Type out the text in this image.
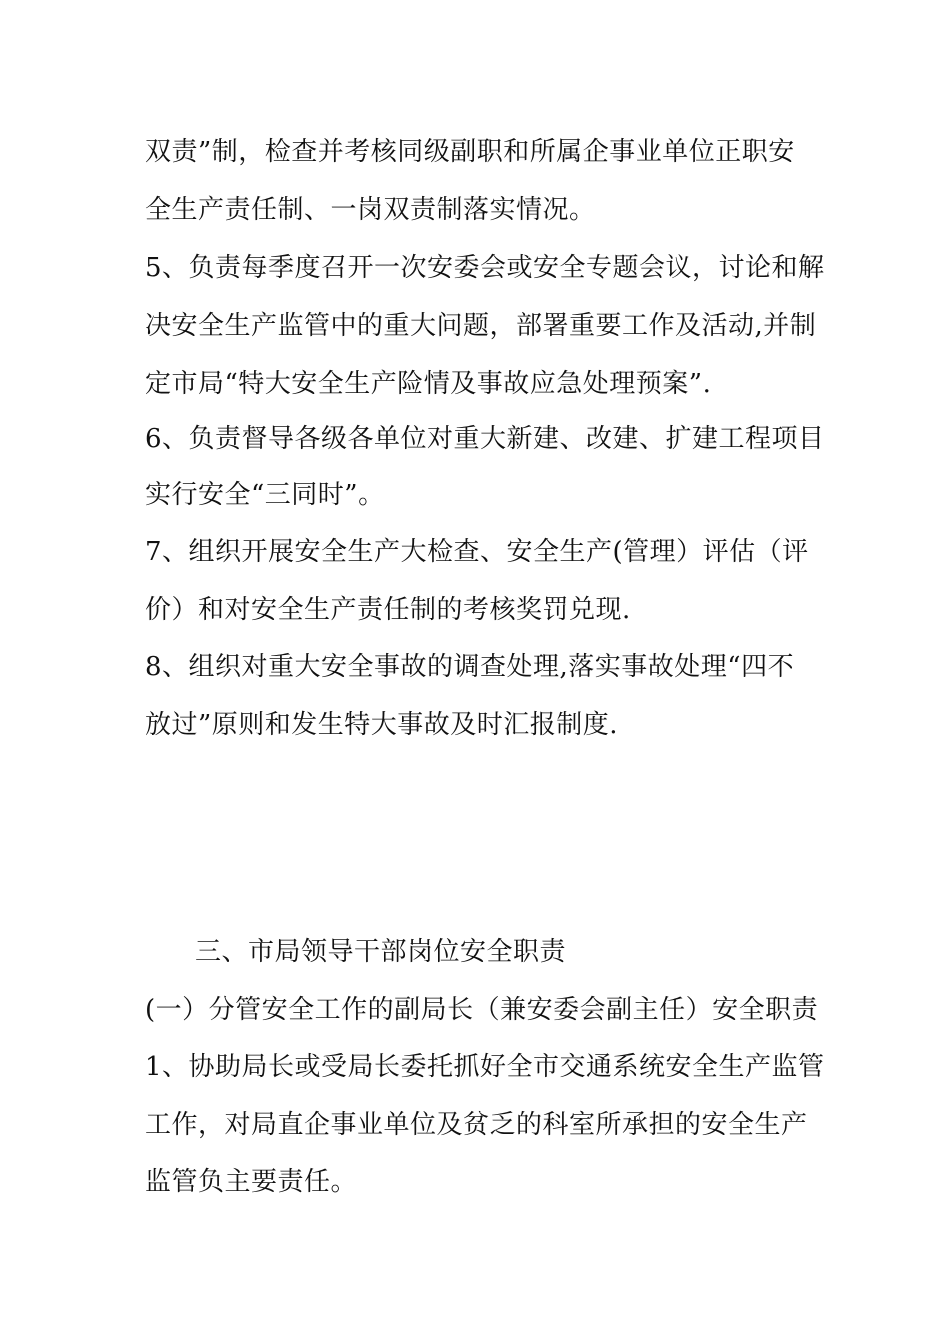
双责”制，检查并考核同级副职和所属企事业单位正职安
全生产责任制、一岗双责制落实情况。
5、负责每季度召开一次安委会或安全专题会议，讨论和解
决安全生产监管中的重大问题，部署重要工作及活动,并制
定市局“特大安全生产险情及事故应急处理预案”.
6、负责督导各级各单位对重大新建、改建、扩建工程项目
实行安全“三同时”。
7、组织开展安全生产大检查、安全生产(管理）评估（评
价）和对安全生产责任制的考核奖罚兑现.
8、组织对重大安全事故的调查处理,落实事故处理“四不
放过”原则和发生特大事故及时汇报制度.
三、市局领导干部岗位安全职责
(一）分管安全工作的副局长（兼安委会副主任）安全职责
1、协助局长或受局长委托抓好全市交通系统安全生产监管
工作，对局直企事业单位及贫乏的科室所承担的安全生产
监管负主要责任。
